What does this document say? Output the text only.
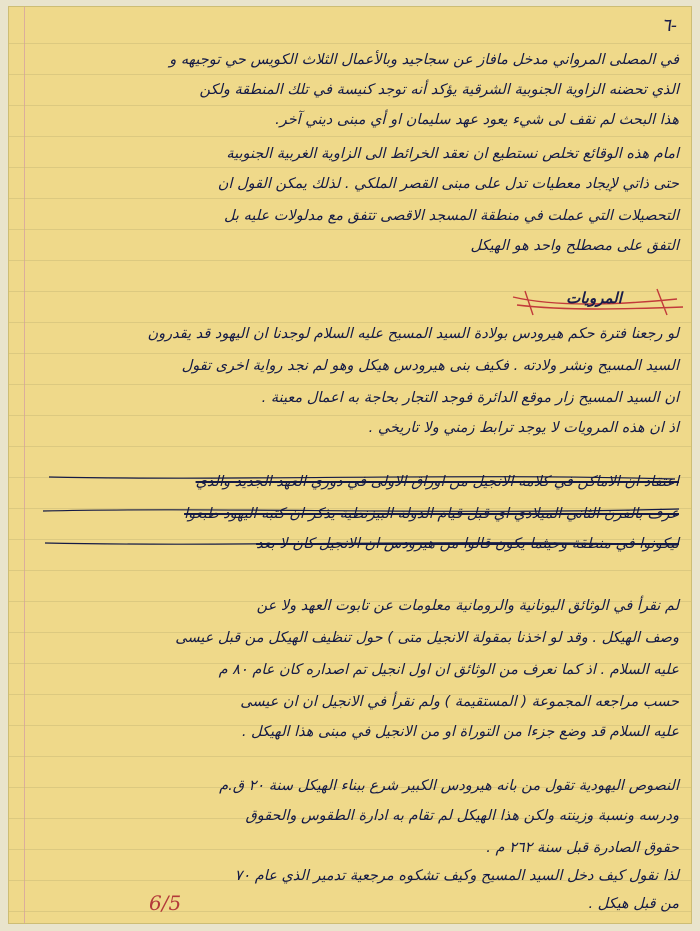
٦-
في المصلى المرواني مدخل مافاز عن سجاجيد وبالأعمال الثلاث الكويس حي توجيهه و
الذي تحضنه الزاوية الجنوبية الشرقية يؤكد أنه توجد كنيسة في تلك المنطقة ولكن
هذا البحث لم نقف لى شيء يعود عهد سليمان او أي مبنى ديني آخر.
امام هذه الوقائع تخلص نستطيع ان نعقد الخرائط الى الزاوية الغربية الجنوبية
حتى ذاتي لإيجاد معطيات تدل على مبنى القصر الملكي . لذلك يمكن القول ان
التحصيلات التي عملت في منطقة المسجد الاقصى تتفق مع مدلولات عليه بل
التفق على مصطلح واحد هو الهيكل
المرويات
لو رجعنا فترة حكم هيرودس بولادة السيد المسيح عليه السلام لوجدنا ان اليهود قد يقدرون
السيد المسيح ونشر ولادته . فكيف بنى هيرودس هيكل وهو لم نجد رواية اخرى تقول
ان السيد المسيح زار موقع الدائرة فوجد التجار بحاجة به اعمال معينة .
اذ ان هذه المرويات لا يوجد ترابط زمني ولا تاريخي .
اعتقاد ان الاماكن في كلامه الانجيل من اوراق الاولى في دوري العهد الجديد والذي
عرف بالقرن الثاني الميلادي اي قبل قيام الدولة البيزنطية يذكر ان كتبه اليهود طبعوا
ليكونوا في منطقة وحيثما يكون قالوا من هيرودس ان الانجيل كان لا بعد
لم نقرأ في الوثائق اليونانية والرومانية معلومات عن تابوت العهد ولا عن
وصف الهيكل . وقد لو اخذنا بمقولة الانجيل متى ) حول تنظيف الهيكل من قبل عيسى
عليه السلام . اذ كما نعرف من الوثائق ان اول انجيل تم اصداره كان عام ٨٠ م
حسب مراجعه المجموعة ( المستقيمة ) ولم نقرأ في الانجيل ان ان عيسى
عليه السلام قد وضع جزءا من التوراة او من الانجيل في مبنى هذا الهيكل .
النصوص اليهودية تقول من بانه هيرودس الكبير شرع ببناء الهيكل سنة ٢٠ ق.م
ودرسه ونسبة وزينته ولكن هذا الهيكل لم تقام به ادارة الطقوس والحقوق
حقوق الصادرة قبل سنة ٢٦٢ م .
لذا نقول كيف دخل السيد المسيح وكيف تشكوه مرجعية تدمير الذي عام ٧٠
من قبل هيكل .
6/5
